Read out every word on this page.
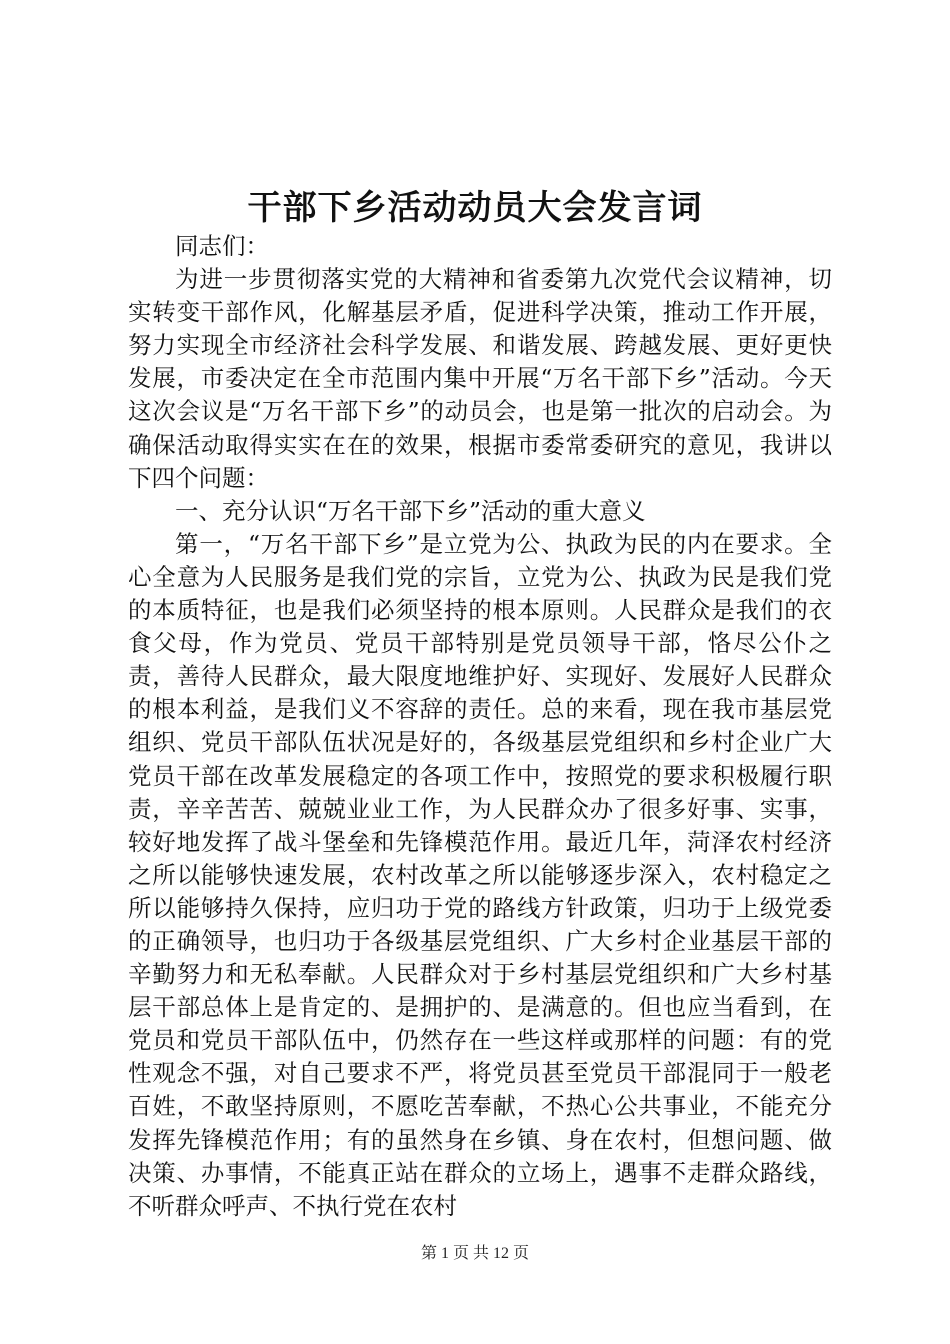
干部下乡活动动员大会发言词

同志们：

为进一步贯彻落实党的大精神和省委第九次党代会议精神，切实转变干部作风，化解基层矛盾，促进科学决策，推动工作开展，努力实现全市经济社会科学发展、和谐发展、跨越发展、更好更快发展，市委决定在全市范围内集中开展“万名干部下乡”活动。今天这次会议是“万名干部下乡”的动员会，也是第一批次的启动会。为确保活动取得实实在在的效果，根据市委常委研究的意见，我讲以下四个问题：

一、充分认识“万名干部下乡”活动的重大意义

第一，“万名干部下乡”是立党为公、执政为民的内在要求。全心全意为人民服务是我们党的宗旨，立党为公、执政为民是我们党的本质特征，也是我们必须坚持的根本原则。人民群众是我们的衣食父母，作为党员、党员干部特别是党员领导干部，恪尽公仆之责，善待人民群众，最大限度地维护好、实现好、发展好人民群众的根本利益，是我们义不容辞的责任。总的来看，现在我市基层党组织、党员干部队伍状况是好的，各级基层党组织和乡村企业广大党员干部在改革发展稳定的各项工作中，按照党的要求积极履行职责，辛辛苦苦、兢兢业业工作，为人民群众办了很多好事、实事，较好地发挥了战斗堡垒和先锋模范作用。最近几年，菏泽农村经济之所以能够快速发展，农村改革之所以能够逐步深入，农村稳定之所以能够持久保持，应归功于党的路线方针政策，归功于上级党委的正确领导，也归功于各级基层党组织、广大乡村企业基层干部的辛勤努力和无私奉献。人民群众对于乡村基层党组织和广大乡村基层干部总体上是肯定的、是拥护的、是满意的。但也应当看到，在党员和党员干部队伍中，仍然存在一些这样或那样的问题：有的党性观念不强，对自己要求不严，将党员甚至党员干部混同于一般老百姓，不敢坚持原则，不愿吃苦奉献，不热心公共事业，不能充分发挥先锋模范作用；有的虽然身在乡镇、身在农村，但想问题、做决策、办事情，不能真正站在群众的立场上，遇事不走群众路线，不听群众呼声、不执行党在农村

第 1 页 共 12 页
